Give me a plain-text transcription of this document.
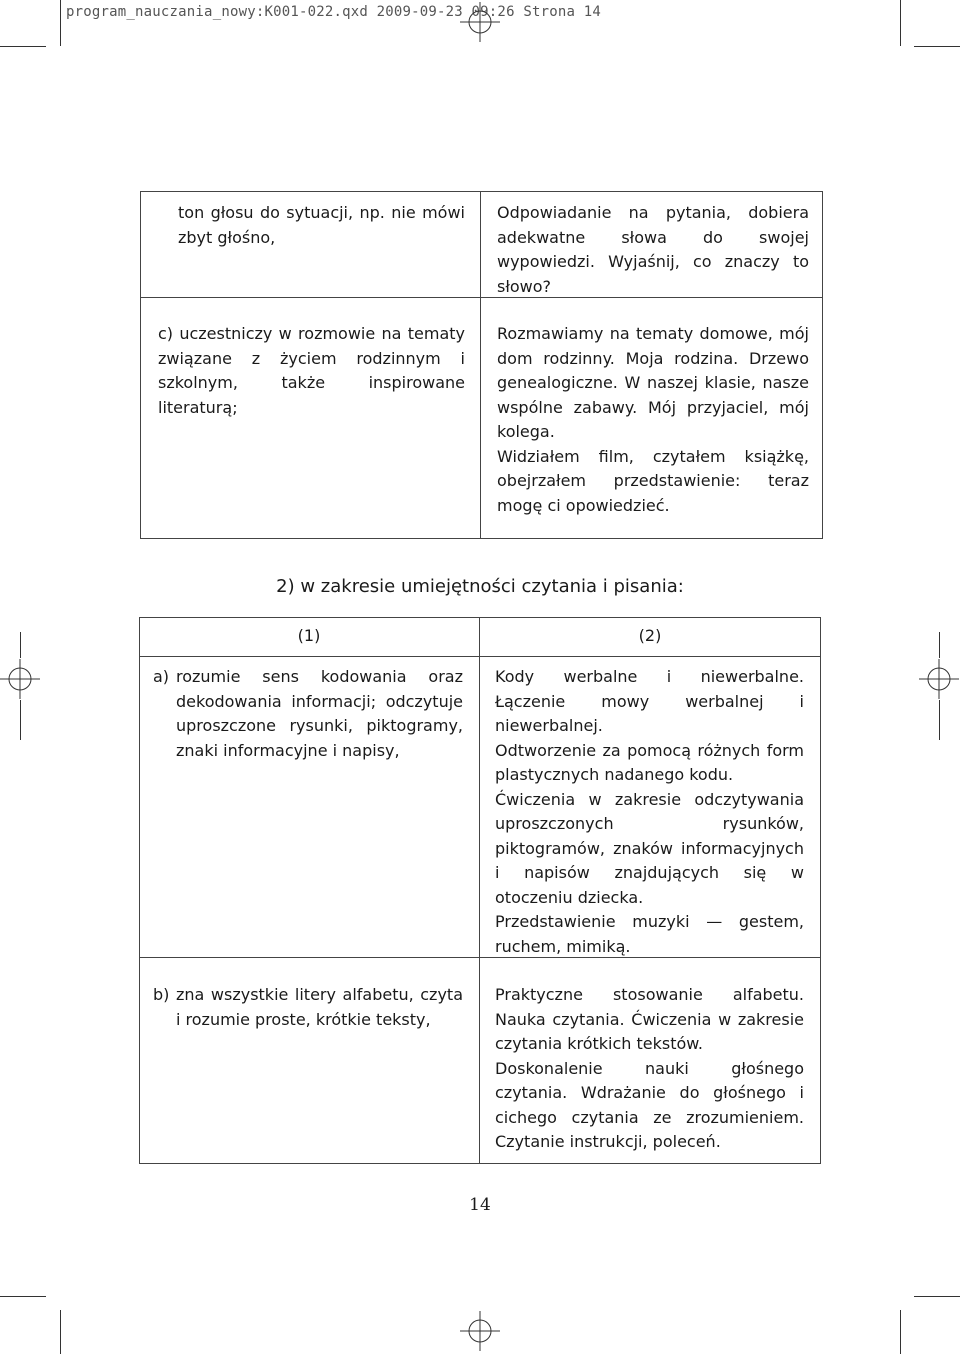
program_nauczania_nowy:K001-022.qxd 2009-09-23 09:26 Strona 14

ton głosu do sytuacji, np. nie mówi zbyt głośno,

Odpowiadanie na pytania, dobiera adekwatne słowa do swojej wypowiedzi. Wyjaśnij, co znaczy to słowo?

c) uczestniczy w rozmowie na tematy związane z życiem rodzinnym i szkolnym, także inspirowane literaturą;

Rozmawiamy na tematy domowe, mój dom rodzinny. Moja rodzina. Drzewo genealogiczne. W naszej klasie, nasze wspólne zabawy. Mój przyjaciel, mój kolega.
Widziałem film, czytałem książkę, obejrzałem przedstawienie: teraz mogę ci opowiedzieć.
2) w zakresie umiejętności czytania i pisania:
(1)	(2)
a) rozumie sens kodowania oraz dekodowania informacji; odczytuje uproszczone rysunki, piktogramy, znaki informacyjne i napisy,

Kody werbalne i niewerbalne. Łączenie mowy werbalnej i niewerbalnej.
Odtworzenie za pomocą różnych form plastycznych nadanego kodu.
Ćwiczenia w zakresie odczytywania uproszczonych rysunków, piktogramów, znaków informacyjnych i napisów znajdujących się w otoczeniu dziecka.
Przedstawienie muzyki — gestem, ruchem, mimiką.
b) zna wszystkie litery alfabetu, czyta i rozumie proste, krótkie teksty,

Praktyczne stosowanie alfabetu. Nauka czytania. Ćwiczenia w zakresie czytania krótkich tekstów.
Doskonalenie nauki głośnego czytania. Wdrażanie do głośnego i cichego czytania ze zrozumieniem. Czytanie instrukcji, poleceń.
14
